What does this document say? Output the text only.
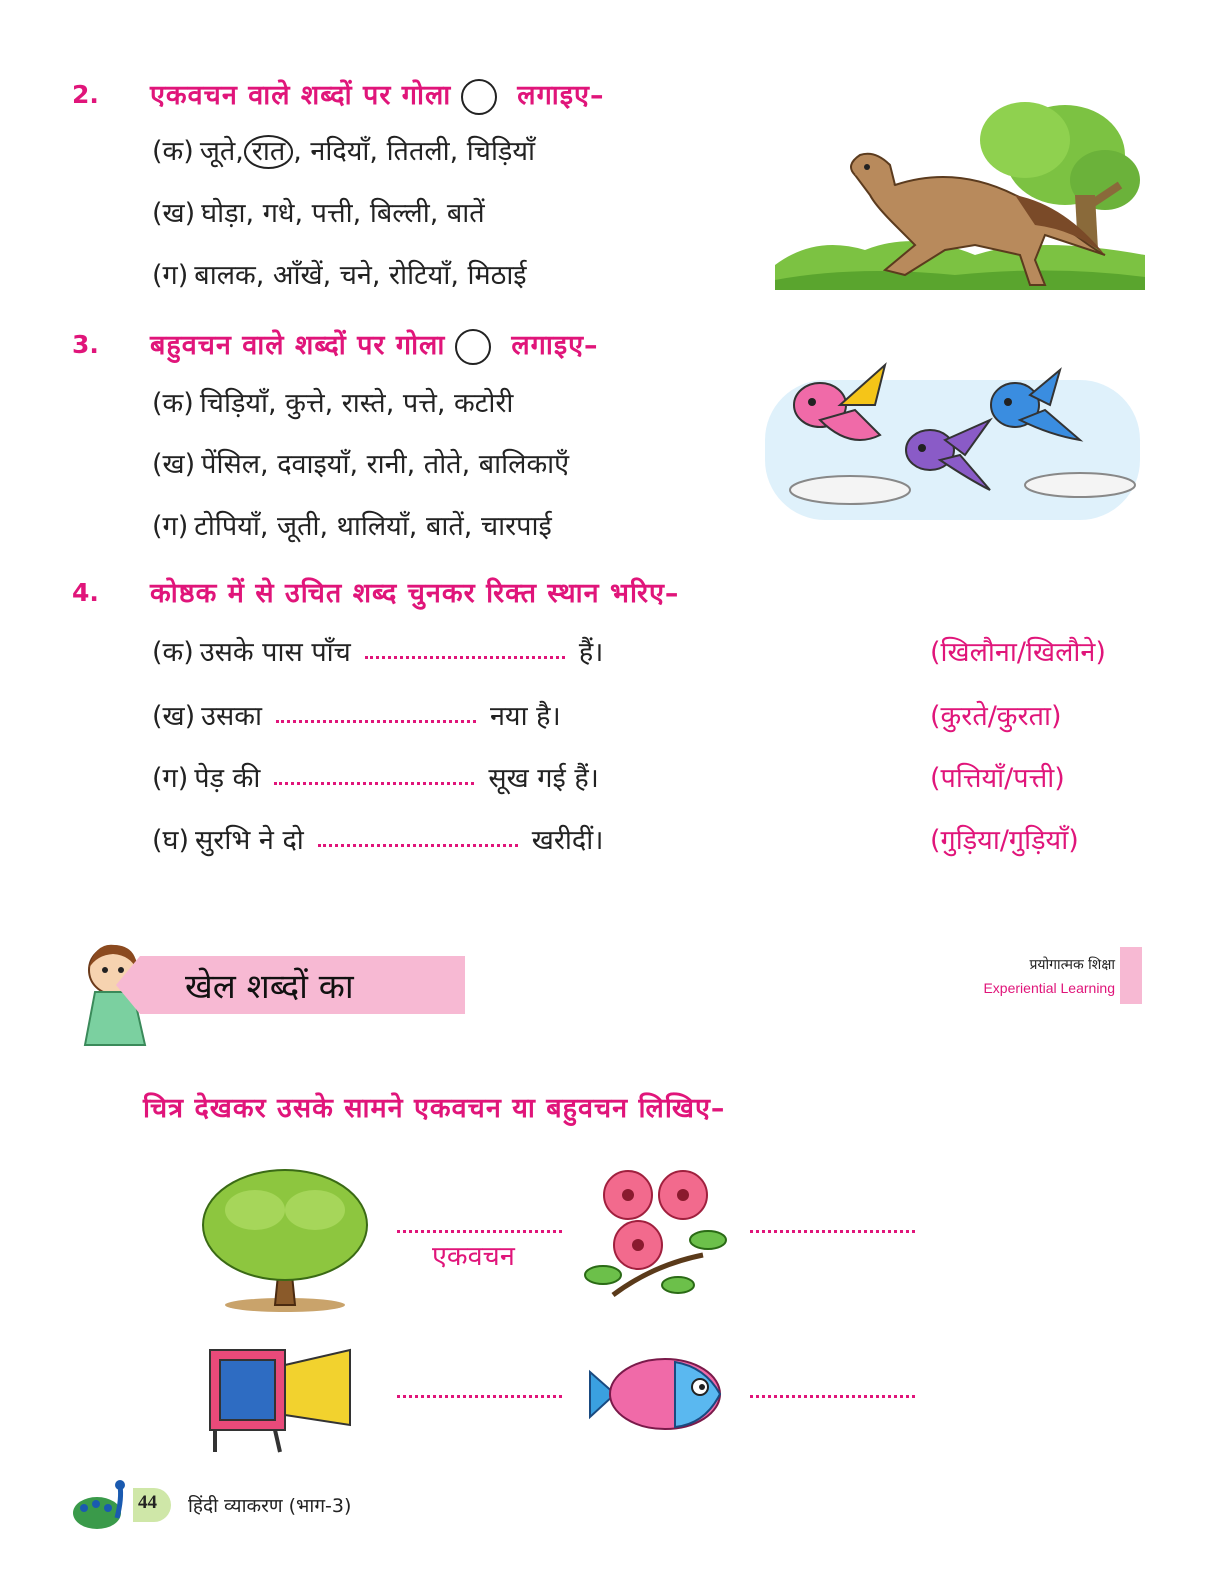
2. एकवचन वाले शब्दों पर गोला लगाइए–
(क) जूते, रात , नदियाँ, तितली, चिड़ियाँ
(ख) घोड़ा, गधे, पत्ती, बिल्ली, बातें
(ग) बालक, आँखें, चने, रोटियाँ, मिठाई
3. बहुवचन वाले शब्दों पर गोला लगाइए–
(क) चिड़ियाँ, कुत्ते, रास्ते, पत्ते, कटोरी
(ख) पेंसिल, दवाइयाँ, रानी, तोते, बालिकाएँ
(ग) टोपियाँ, जूती, थालियाँ, बातें, चारपाई
4. कोष्ठक में से उचित शब्द चुनकर रिक्त स्थान भरिए–
(क) उसके पास पाँच	हैं।	(खिलौना/खिलौने)
(ख) उसका	नया है।	(कुरते/कुरता)
(ग) पेड़ की	सूख गई हैं।	(पत्तियाँ/पत्ती)
(घ) सुरभि ने दो	खरीदीं।	(गुड़िया/गुड़ियाँ)
खेल शब्दों का
प्रयोगात्मक शिक्षा
Experiential Learning
चित्र देखकर उसके सामने एकवचन या बहुवचन लिखिए–
एकवचन
44 हिंदी व्याकरण (भाग-3)
